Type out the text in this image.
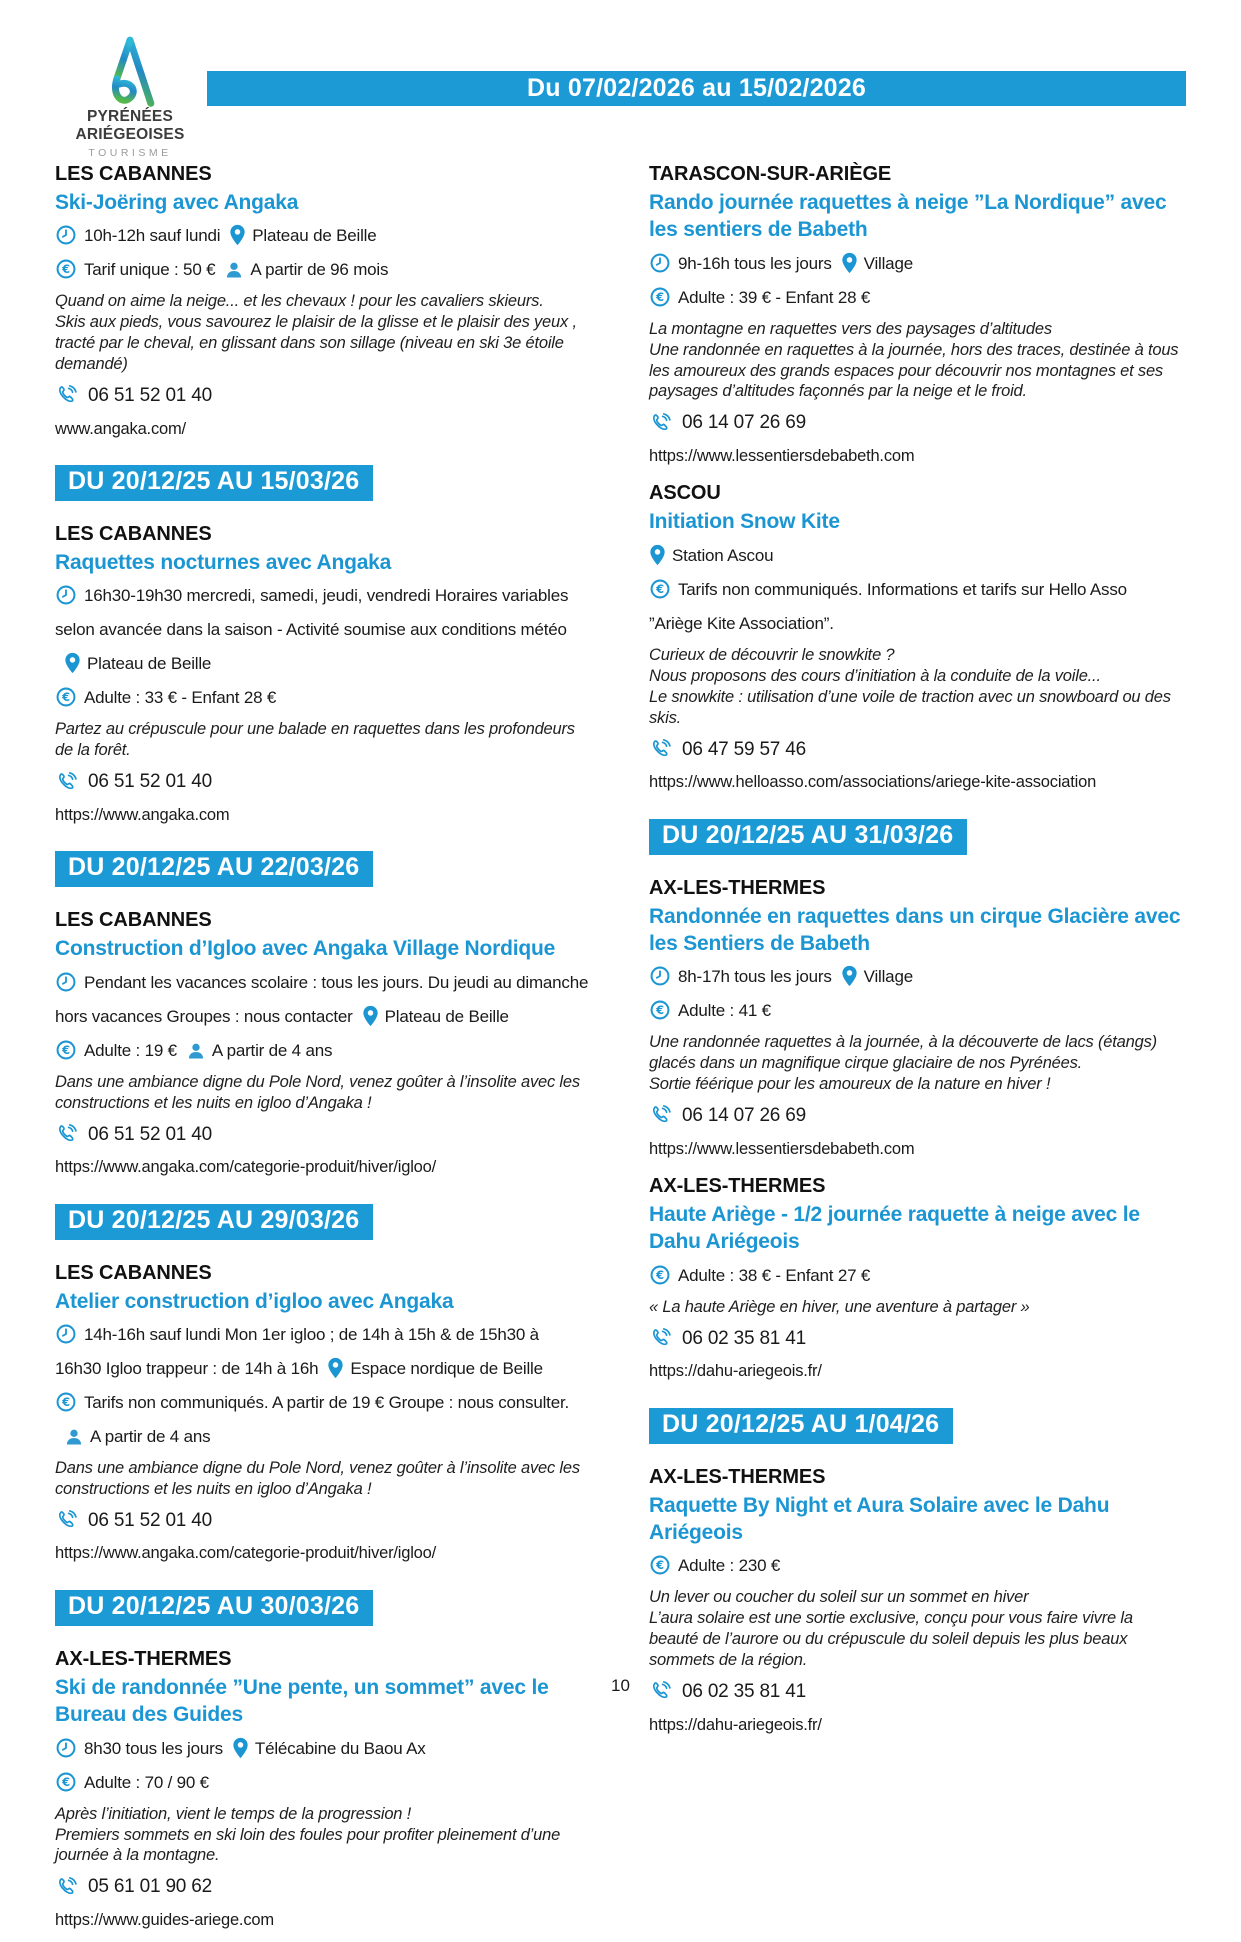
PYRÉNÉES
ARIÉGEOISES
TOURISME
Du 07/02/2026 au 15/02/2026
LES CABANNES
Ski-Joëring avec Angaka
10h-12h sauf lundi Plateau de Beille
€ Tarif unique : 50 € A partir de 96 mois

Quand on aime la neige... et les chevaux ! pour les cavaliers skieurs.

Skis aux pieds, vous savourez le plaisir de la glisse et le plaisir des yeux , tracté par le cheval, en glissant dans son sillage (niveau en ski 3e étoile demandé)

06 51 52 01 40
www.angaka.com/
DU 20/12/25 AU 15/03/26
LES CABANNES
Raquettes nocturnes avec Angaka
16h30-19h30 mercredi, samedi, jeudi, vendredi Horaires variables selon avancée dans la saison - Activité soumise aux conditions météoPlateau de Beille
€ Adulte : 33 € - Enfant 28 €

Partez au crépuscule pour une balade en raquettes dans les profondeurs de la forêt.

06 51 52 01 40
https://www.angaka.com
DU 20/12/25 AU 22/03/26
LES CABANNES
Construction d’Igloo avec Angaka Village Nordique
Pendant les vacances scolaire : tous les jours. Du jeudi au dimanche hors vacances Groupes : nous contacter Plateau de Beille
€ Adulte : 19 € A partir de 4 ans

Dans une ambiance digne du Pole Nord, venez goûter à l’insolite avec les constructions et les nuits en igloo d’Angaka !

06 51 52 01 40
https://www.angaka.com/categorie-produit/hiver/igloo/
DU 20/12/25 AU 29/03/26
LES CABANNES
Atelier construction d’igloo avec Angaka
14h-16h sauf lundi Mon 1er igloo ; de 14h à 15h & de 15h30 à 16h30 Igloo trappeur : de 14h à 16h Espace nordique de Beille
€ Tarifs non communiqués. A partir de 19 € Groupe : nous consulter.A partir de 4 ans

Dans une ambiance digne du Pole Nord, venez goûter à l’insolite avec les constructions et les nuits en igloo d’Angaka !

06 51 52 01 40
https://www.angaka.com/categorie-produit/hiver/igloo/
DU 20/12/25 AU 30/03/26
AX-LES-THERMES
Ski de randonnée ”Une pente, un sommet” avec le Bureau des Guides
8h30 tous les jours Télécabine du Baou Ax
€ Adulte : 70 / 90 €

Après l’initiation, vient le temps de la progression !

Premiers sommets en ski loin des foules pour profiter pleinement d’une journée à la montagne.

05 61 01 90 62
https://www.guides-ariege.com
TARASCON-SUR-ARIÈGE
Rando journée raquettes à neige ”La Nordique” avec les sentiers de Babeth
9h-16h tous les jours Village
€ Adulte : 39 € - Enfant 28 €

La montagne en raquettes vers des paysages d’altitudes

Une randonnée en raquettes à la journée, hors des traces, destinée à tous les amoureux des grands espaces pour découvrir nos montagnes et ses paysages d’altitudes façonnés par la neige et le froid.

06 14 07 26 69
https://www.lessentiersdebabeth.com
ASCOU
Initiation Snow Kite
Station Ascou
€ Tarifs non communiqués. Informations et tarifs sur Hello Asso ”Ariège Kite Association”.

Curieux de découvrir le snowkite ?

Nous proposons des cours d’initiation à la conduite de la voile...

Le snowkite : utilisation d’une voile de traction avec un snowboard ou des skis.

06 47 59 57 46
https://www.helloasso.com/associations/ariege-kite-association
DU 20/12/25 AU 31/03/26
AX-LES-THERMES
Randonnée en raquettes dans un cirque Glacière avec les Sentiers de Babeth
8h-17h tous les jours Village
€ Adulte : 41 €

Une randonnée raquettes à la journée, à la découverte de lacs (étangs) glacés dans un magnifique cirque glaciaire de nos Pyrénées.

Sortie féérique pour les amoureux de la nature en hiver !

06 14 07 26 69
https://www.lessentiersdebabeth.com
AX-LES-THERMES
Haute Ariège - 1/2 journée raquette à neige avec le Dahu Ariégeois
€ Adulte : 38 € - Enfant 27 €

« La haute Ariège en hiver, une aventure à partager »

06 02 35 81 41
https://dahu-ariegeois.fr/
DU 20/12/25 AU 1/04/26
AX-LES-THERMES
Raquette By Night et Aura Solaire avec le Dahu Ariégeois
€ Adulte : 230 €

Un lever ou coucher du soleil sur un sommet en hiver

L’aura solaire est une sortie exclusive, conçu pour vous faire vivre la beauté de l’aurore ou du crépuscule du soleil depuis les plus beaux sommets de la région.

06 02 35 81 41
https://dahu-ariegeois.fr/
10
